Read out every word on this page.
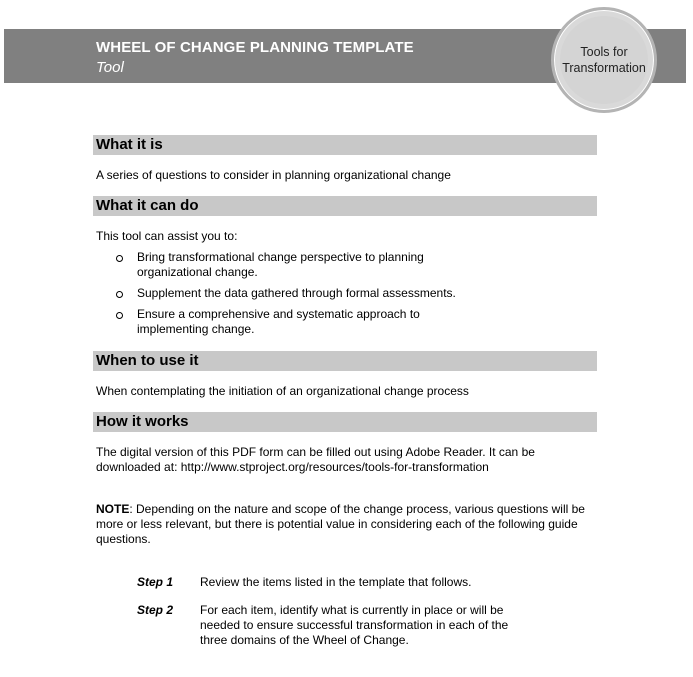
WHEEL OF CHANGE PLANNING TEMPLATE
Tool
Tools for
Transformation
What it is
A series of questions to consider in planning organizational change
What it can do
This tool can assist you to:
Bring transformational change perspective to planning organizational change.
Supplement the data gathered through formal assessments.
Ensure a comprehensive and systematic approach to implementing change.
When to use it
When contemplating the initiation of an organizational change process
How it works
The digital version of this PDF form can be filled out using Adobe Reader. It can be
downloaded at: http://www.stproject.org/resources/tools-for-transformation
NOTE: Depending on the nature and scope of the change process, various questions will be more or less relevant, but there is potential value in considering each of the following guide questions.
Step 1 Review the items listed in the template that follows.
Step 2 For each item, identify what is currently in place or will be needed to ensure successful transformation in each of the three domains of the Wheel of Change.
